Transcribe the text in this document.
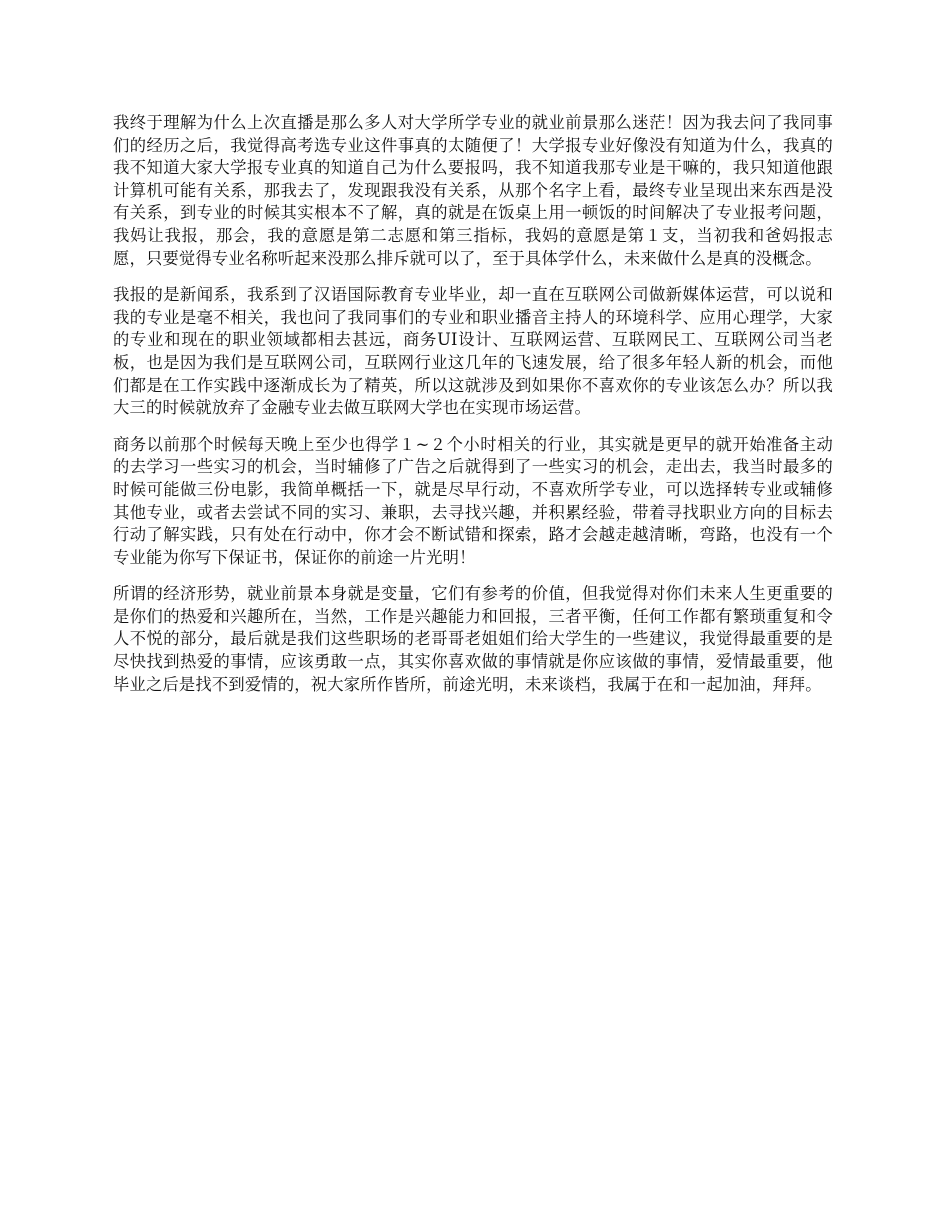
我终于理解为什么上次直播是那么多人对大学所学专业的就业前景那么迷茫！因为我去问了我同事们的经历之后，我觉得高考选专业这件事真的太随便了！大学报专业好像没有知道为什么，我真的我不知道大家大学报专业真的知道自己为什么要报吗，我不知道我那专业是干嘛的，我只知道他跟计算机可能有关系，那我去了，发现跟我没有关系，从那个名字上看，最终专业呈现出来东西是没有关系，到专业的时候其实根本不了解，真的就是在饭桌上用一顿饭的时间解决了专业报考问题，我妈让我报，那会，我的意愿是第二志愿和第三指标，我妈的意愿是第１支，当初我和爸妈报志愿，只要觉得专业名称听起来没那么排斥就可以了，至于具体学什么，未来做什么是真的没概念。

我报的是新闻系，我系到了汉语国际教育专业毕业，却一直在互联网公司做新媒体运营，可以说和我的专业是毫不相关，我也问了我同事们的专业和职业播音主持人的环境科学、应用心理学，大家的专业和现在的职业领域都相去甚远，商务UI设计、互联网运营、互联网民工、互联网公司当老板，也是因为我们是互联网公司，互联网行业这几年的飞速发展，给了很多年轻人新的机会，而他们都是在工作实践中逐渐成长为了精英，所以这就涉及到如果你不喜欢你的专业该怎么办？所以我大三的时候就放弃了金融专业去做互联网大学也在实现市场运营。

商务以前那个时候每天晚上至少也得学１~２个小时相关的行业，其实就是更早的就开始准备主动的去学习一些实习的机会，当时辅修了广告之后就得到了一些实习的机会，走出去，我当时最多的时候可能做三份电影，我简单概括一下，就是尽早行动，不喜欢所学专业，可以选择转专业或辅修其他专业，或者去尝试不同的实习、兼职，去寻找兴趣，并积累经验，带着寻找职业方向的目标去行动了解实践，只有处在行动中，你才会不断试错和探索，路才会越走越清晰，弯路，也没有一个专业能为你写下保证书，保证你的前途一片光明！

所谓的经济形势，就业前景本身就是变量，它们有参考的价值，但我觉得对你们未来人生更重要的是你们的热爱和兴趣所在，当然，工作是兴趣能力和回报，三者平衡，任何工作都有繁琐重复和令人不悦的部分，最后就是我们这些职场的老哥哥老姐姐们给大学生的一些建议，我觉得最重要的是尽快找到热爱的事情，应该勇敢一点，其实你喜欢做的事情就是你应该做的事情，爱情最重要，他毕业之后是找不到爱情的，祝大家所作皆所，前途光明，未来谈档，我属于在和一起加油，拜拜。
